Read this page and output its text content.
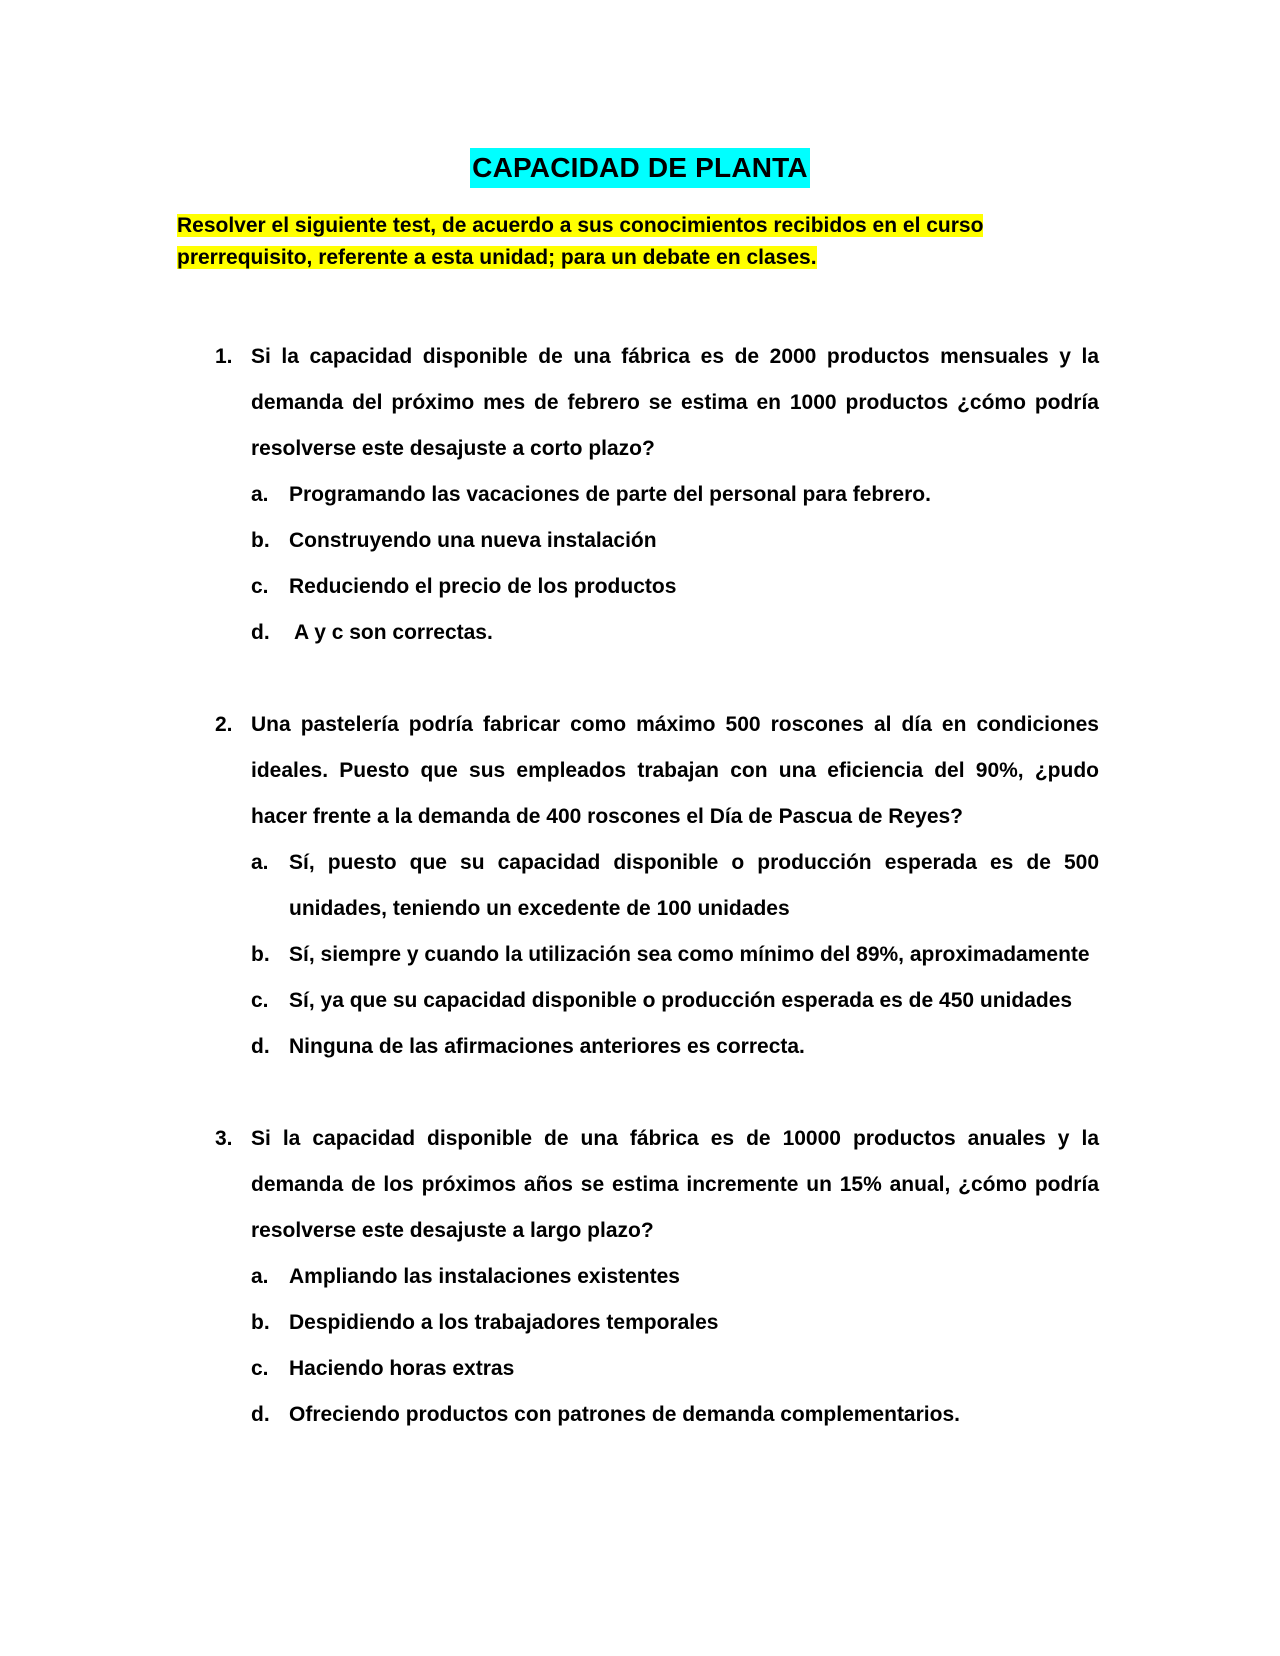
CAPACIDAD DE PLANTA
Resolver el siguiente test, de acuerdo a sus conocimientos recibidos en el curso prerrequisito, referente a esta unidad; para un debate en clases.
1. Si la capacidad disponible de una fábrica es de 2000 productos mensuales y la demanda del próximo mes de febrero se estima en 1000 productos ¿cómo podría resolverse este desajuste a corto plazo?
a. Programando las vacaciones de parte del personal para febrero.
b. Construyendo una nueva instalación
c. Reduciendo el precio de los productos
d. A y c son correctas.
2. Una pastelería podría fabricar como máximo 500 roscones al día en condiciones ideales. Puesto que sus empleados trabajan con una eficiencia del 90%, ¿pudo hacer frente a la demanda de 400 roscones el Día de Pascua de Reyes?
a. Sí, puesto que su capacidad disponible o producción esperada es de 500 unidades, teniendo un excedente de 100 unidades
b. Sí, siempre y cuando la utilización sea como mínimo del 89%, aproximadamente
c. Sí, ya que su capacidad disponible o producción esperada es de 450 unidades
d. Ninguna de las afirmaciones anteriores es correcta.
3. Si la capacidad disponible de una fábrica es de 10000 productos anuales y la demanda de los próximos años se estima incremente un 15% anual, ¿cómo podría resolverse este desajuste a largo plazo?
a. Ampliando las instalaciones existentes
b. Despidiendo a los trabajadores temporales
c. Haciendo horas extras
d. Ofreciendo productos con patrones de demanda complementarios.
